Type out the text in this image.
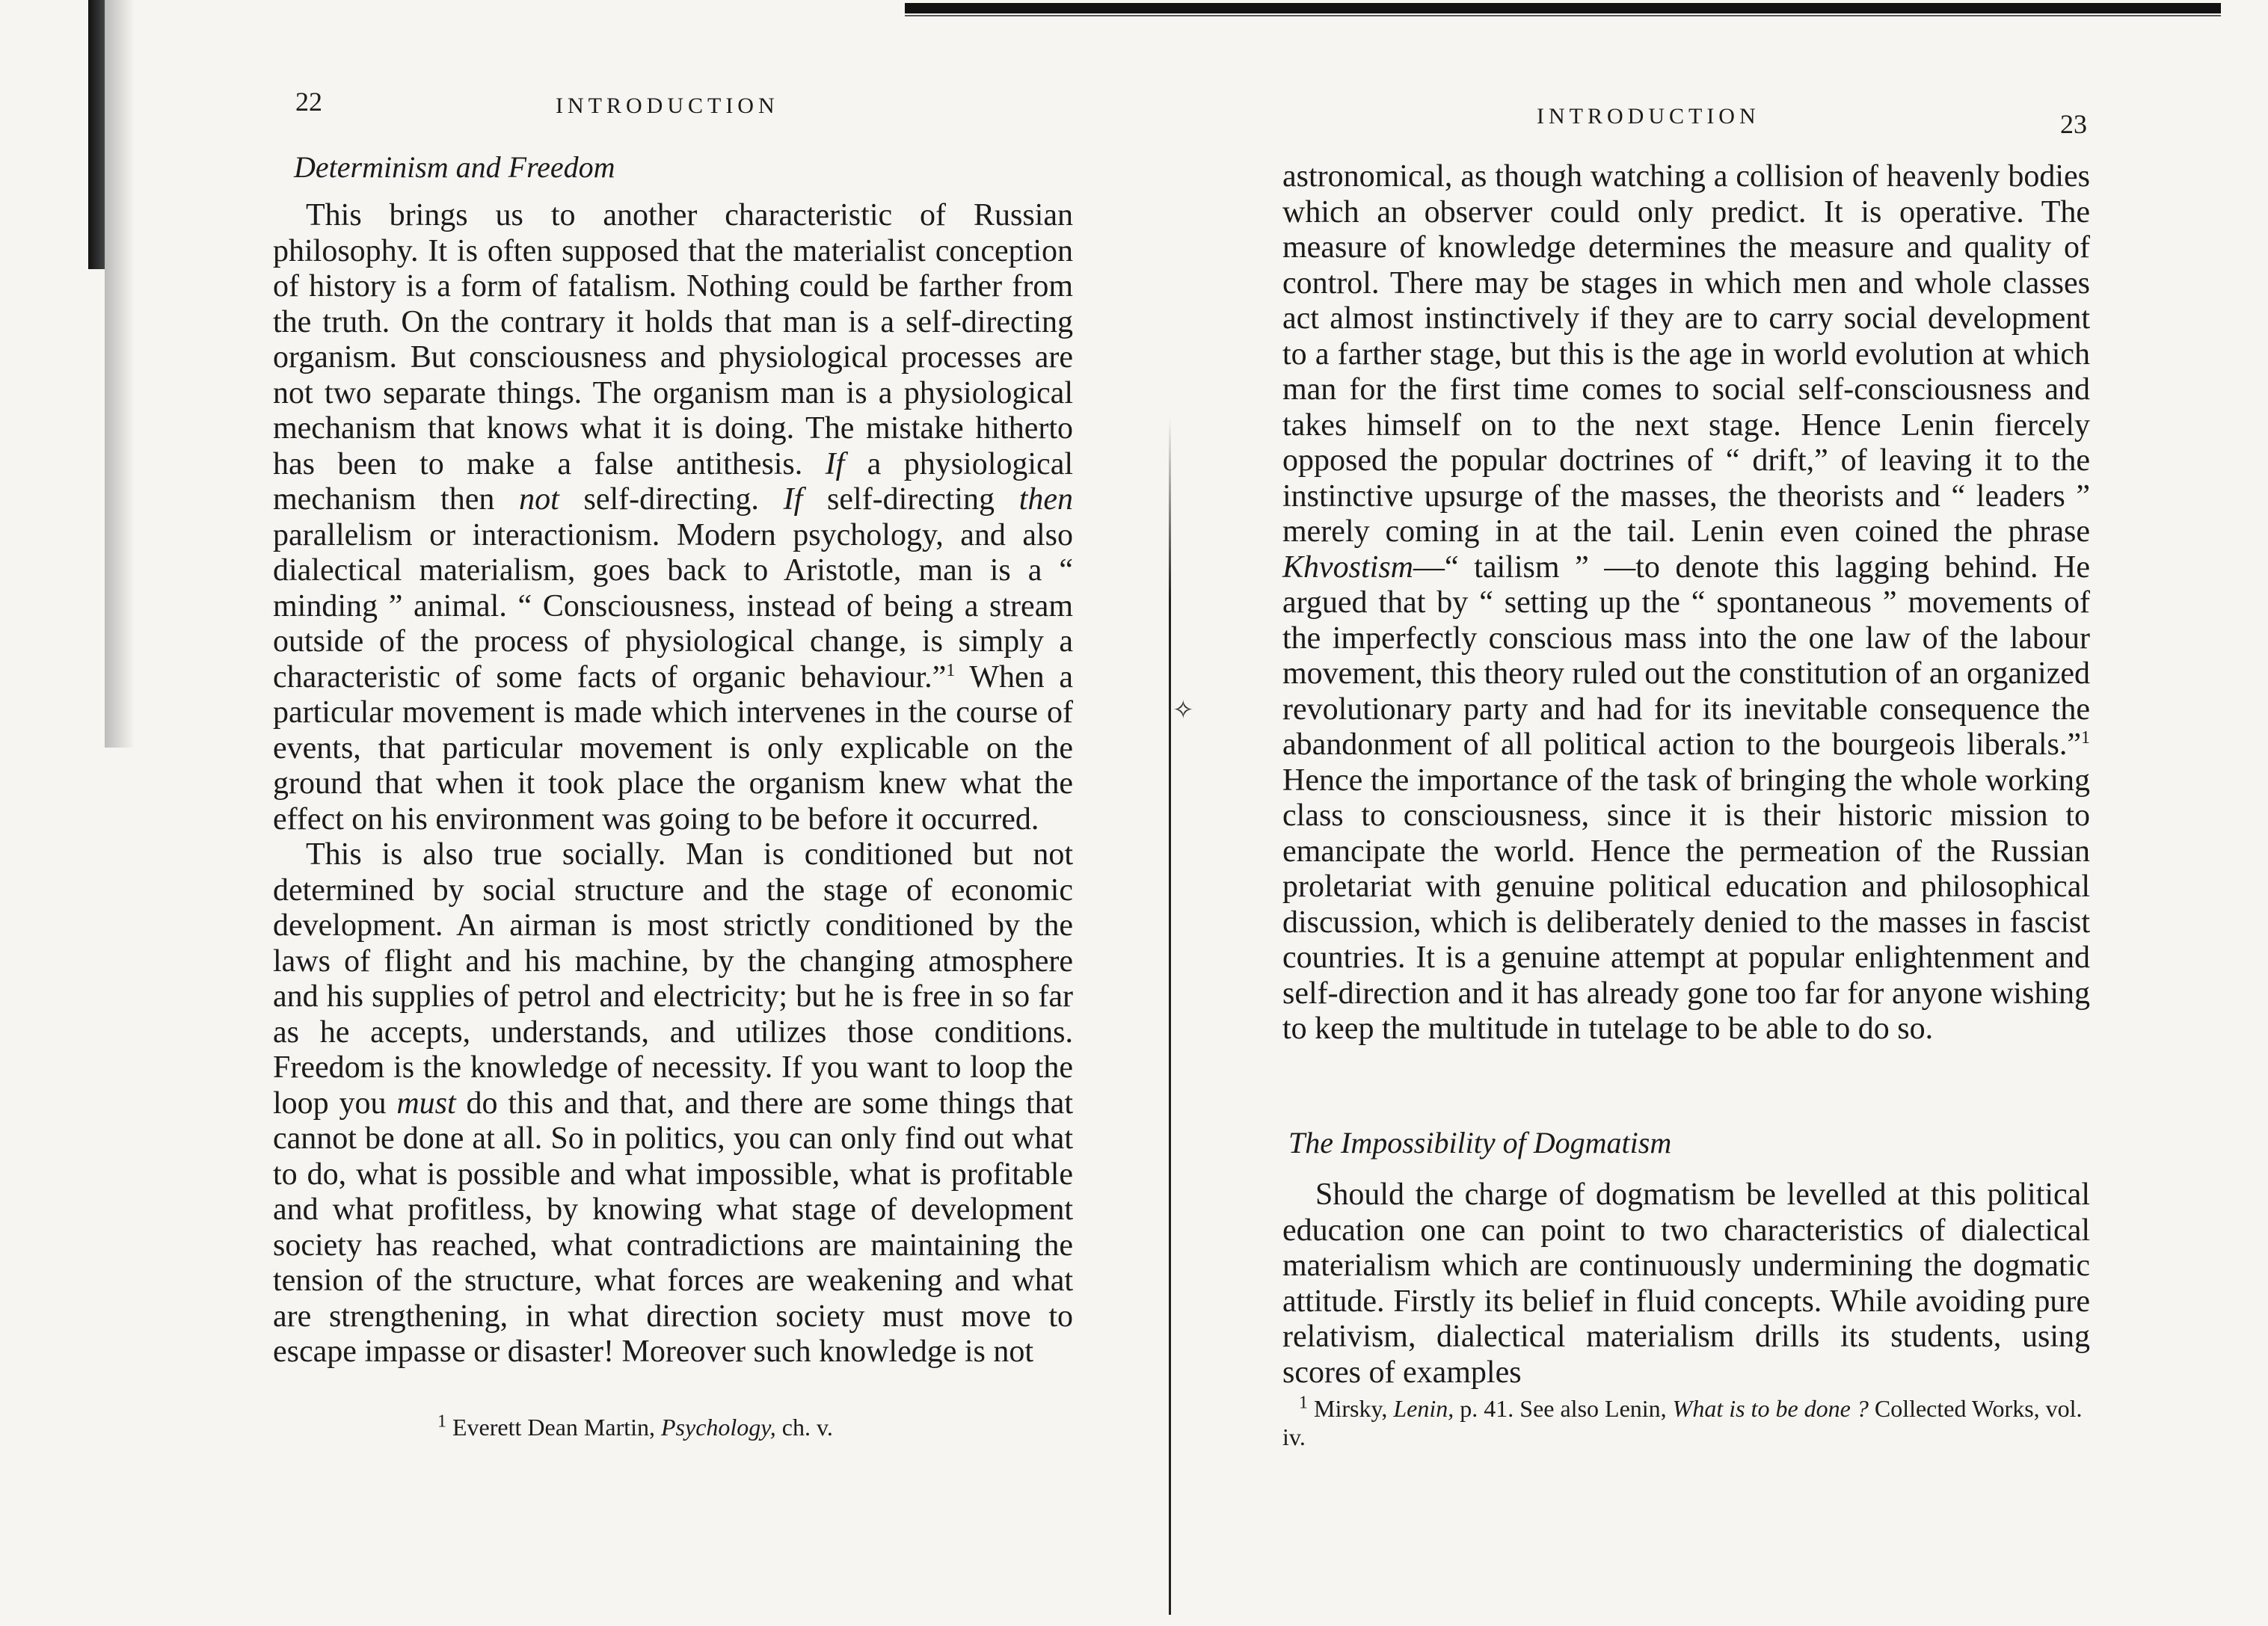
✧
22	INTRODUCTION
Determinism and Freedom

This brings us to another characteristic of Russian philosophy. It is often supposed that the materialist conception of history is a form of fatalism. Nothing could be farther from the truth. On the contrary it holds that man is a self-directing organism. But consciousness and physiological processes are not two separate things. The organism man is a physiological mechanism that knows what it is doing. The mistake hitherto has been to make a false antithesis. If a physiological mechanism then not self-directing. If self-directing then parallelism or interactionism. Modern psychology, and also dialectical materialism, goes back to Aristotle, man is a “ minding ” animal. “ Consciousness, instead of being a stream outside of the process of physiological change, is simply a characteristic of some facts of organic behaviour.”$^1$ When a particular movement is made which intervenes in the course of events, that particular movement is only explicable on the ground that when it took place the organism knew what the effect on his environment was going to be before it occurred.

This is also true socially. Man is conditioned but not determined by social structure and the stage of economic development. An airman is most strictly conditioned by the laws of flight and his machine, by the changing atmosphere and his supplies of petrol and electricity; but he is free in so far as he accepts, understands, and utilizes those conditions. Freedom is the knowledge of necessity. If you want to loop the loop you must do this and that, and there are some things that cannot be done at all. So in politics, you can only find out what to do, what is possible and what impossible, what is profitable and what profitless, by knowing what stage of development society has reached, what contradictions are maintaining the tension of the structure, what forces are weakening and what are strengthening, in what direction society must move to escape impasse or disaster! Moreover such knowledge is not

$^1$ Everett Dean Martin, Psychology, ch. v.
INTRODUCTION	23

astronomical, as though watching a collision of heavenly bodies which an observer could only predict. It is operative. The measure of knowledge determines the measure and quality of control. There may be stages in which men and whole classes act almost instinctively if they are to carry social development to a farther stage, but this is the age in world evolution at which man for the first time comes to social self-consciousness and takes himself on to the next stage. Hence Lenin fiercely opposed the popular doctrines of “ drift,” of leaving it to the instinctive upsurge of the masses, the theorists and “ leaders ” merely coming in at the tail. Lenin even coined the phrase Khvostism—“ tailism ” —to denote this lagging behind. He argued that by “ setting up the “ spontaneous ” movements of the imperfectly conscious mass into the one law of the labour movement, this theory ruled out the constitution of an organized revolutionary party and had for its inevitable consequence the abandonment of all political action to the bourgeois liberals.”$^1$ Hence the importance of the task of bringing the whole working class to consciousness, since it is their historic mission to emancipate the world. Hence the permeation of the Russian proletariat with genuine political education and philosophical discussion, which is deliberately denied to the masses in fascist countries. It is a genuine attempt at popular enlightenment and self-direction and it has already gone too far for anyone wishing to keep the multitude in tutelage to be able to do so.

The Impossibility of Dogmatism

Should the charge of dogmatism be levelled at this political education one can point to two characteristics of dialectical materialism which are continuously undermining the dogmatic attitude. Firstly its belief in fluid concepts. While avoiding pure relativism, dialectical materialism drills its students, using scores of examples

$^1$ Mirsky, Lenin, p. 41. See also Lenin, What is to be done ? Collected Works, vol. iv.
